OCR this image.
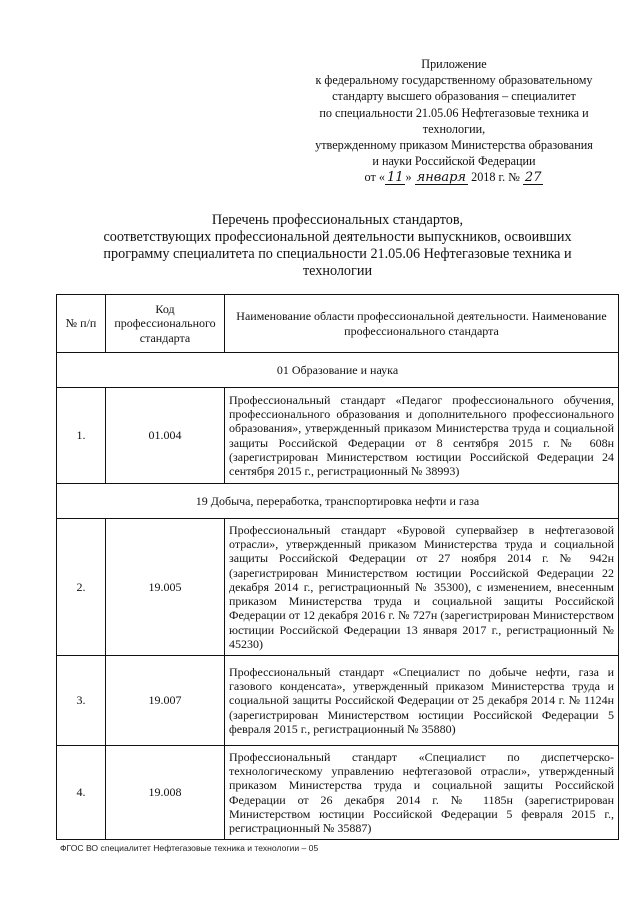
Приложение
к федеральному государственному образовательному
стандарту высшего образования – специалитет
по специальности 21.05.06 Нефтегазовые техника и
технологии,
утвержденному приказом Министерства образования
и науки Российской Федерации
от « 11 » января 2018 г. № 27
Перечень профессиональных стандартов,
соответствующих профессиональной деятельности выпускников, освоивших
программу специалитета по специальности 21.05.06 Нефтегазовые техника и
технологии
№ п/п	Код профессионального стандарта	Наименование области профессиональной деятельности. Наименование профессионального стандарта
01 Образование и наука		
1.	01.004	Профессиональный стандарт «Педагог профессионального обучения, профессионального образования и дополнительного профессионального образования», утвержденный приказом Министерства труда и социальной защиты Российской Федерации от 8 сентября 2015 г. № 608н (зарегистрирован Министерством юстиции Российской Федерации 24 сентября 2015 г., регистрационный № 38993)
19 Добыча, переработка, транспортировка нефти и газа		
2.	19.005	Профессиональный стандарт «Буровой супервайзер в нефтегазовой отрасли», утвержденный приказом Министерства труда и социальной защиты Российской Федерации от 27 ноября 2014 г. № 942н (зарегистрирован Министерством юстиции Российской Федерации 22 декабря 2014 г., регистрационный № 35300), с изменением, внесенным приказом Министерства труда и социальной защиты Российской Федерации от 12 декабря 2016 г. № 727н (зарегистрирован Министерством юстиции Российской Федерации 13 января 2017 г., регистрационный № 45230)
3.	19.007	Профессиональный стандарт «Специалист по добыче нефти, газа и газового конденсата», утвержденный приказом Министерства труда и социальной защиты Российской Федерации от 25 декабря 2014 г. № 1124н (зарегистрирован Министерством юстиции Российской Федерации 5 февраля 2015 г., регистрационный № 35880)
4.	19.008	Профессиональный стандарт «Специалист по диспетчерско-технологическому управлению нефтегазовой отрасли», утвержденный приказом Министерства труда и социальной защиты Российской Федерации от 26 декабря 2014 г. № 1185н (зарегистрирован Министерством юстиции Российской Федерации 5 февраля 2015 г., регистрационный № 35887)
ФГОС ВО специалитет Нефтегазовые техника и технологии – 05
